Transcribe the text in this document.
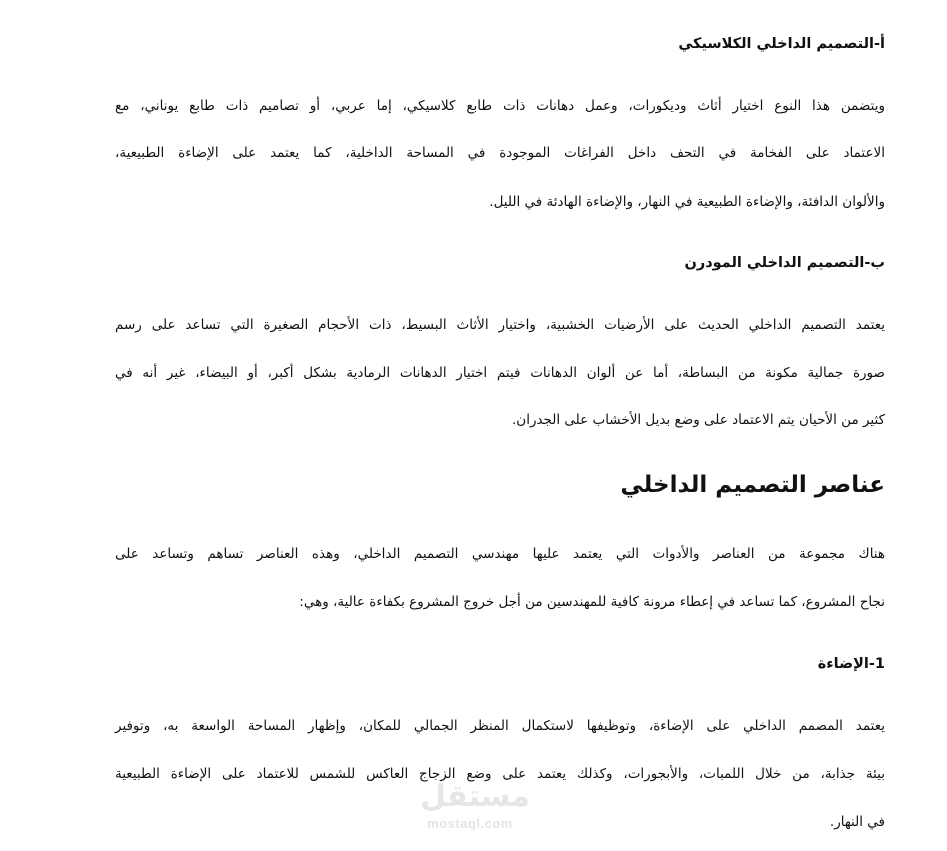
أ-التصميم الداخلي الكلاسيكي
ويتضمن هذا النوع اختيار أثاث وديكورات، وعمل دهانات ذات طابع كلاسيكي، إما عربي، أو تصاميم ذات طابع يوناني، مع
الاعتماد على الفخامة في التحف داخل الفراغات الموجودة في المساحة الداخلية، كما يعتمد على الإضاءة الطبيعية،
والألوان الدافئة، والإضاءة الطبيعية في النهار، والإضاءة الهادئة في الليل.
ب-التصميم الداخلي المودرن
يعتمد التصميم الداخلي الحديث على الأرضيات الخشبية، واختيار الأثاث البسيط، ذات الأحجام الصغيرة التي تساعد على رسم
صورة جمالية مكونة من البساطة، أما عن ألوان الدهانات فيتم اختيار الدهانات الرمادية بشكل أكبر، أو البيضاء، غير أنه في
كثير من الأحيان يتم الاعتماد على وضع بديل الأخشاب على الجدران.
عناصر التصميم الداخلي
هناك مجموعة من العناصر والأدوات التي يعتمد عليها مهندسي التصميم الداخلي، وهذه العناصر تساهم وتساعد على
نجاح المشروع، كما تساعد في إعطاء مرونة كافية للمهندسين من أجل خروج المشروع بكفاءة عالية، وهي:
1-الإضاءة
يعتمد المصمم الداخلي على الإضاءة، وتوظيفها لاستكمال المنظر الجمالي للمكان، وإظهار المساحة الواسعة به، وتوفير
بيئة جذابة، من خلال اللمبات، والأبجورات، وكذلك يعتمد على وضع الزجاج العاكس للشمس للاعتماد على الإضاءة الطبيعية
في النهار.
مستقل
mostaql.com
